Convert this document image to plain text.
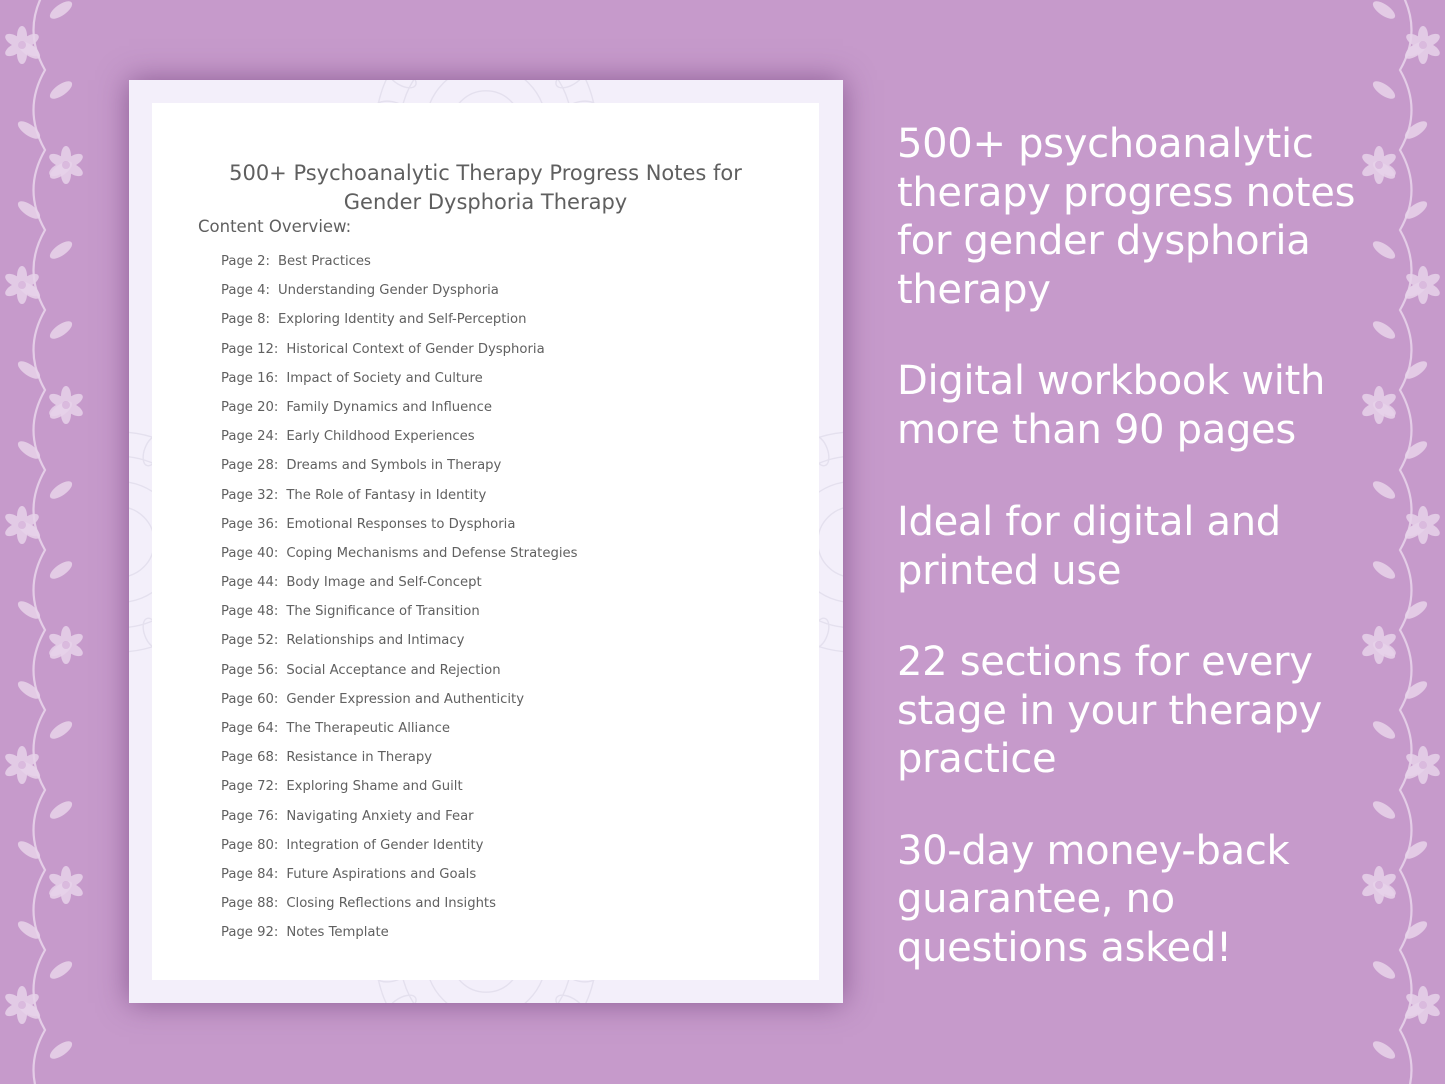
500+ Psychoanalytic Therapy Progress Notes for
Gender Dysphoria Therapy
Content Overview:
Page 2: Best Practices
Page 4: Understanding Gender Dysphoria
Page 8: Exploring Identity and Self-Perception
Page 12: Historical Context of Gender Dysphoria
Page 16: Impact of Society and Culture
Page 20: Family Dynamics and Influence
Page 24: Early Childhood Experiences
Page 28: Dreams and Symbols in Therapy
Page 32: The Role of Fantasy in Identity
Page 36: Emotional Responses to Dysphoria
Page 40: Coping Mechanisms and Defense Strategies
Page 44: Body Image and Self-Concept
Page 48: The Significance of Transition
Page 52: Relationships and Intimacy
Page 56: Social Acceptance and Rejection
Page 60: Gender Expression and Authenticity
Page 64: The Therapeutic Alliance
Page 68: Resistance in Therapy
Page 72: Exploring Shame and Guilt
Page 76: Navigating Anxiety and Fear
Page 80: Integration of Gender Identity
Page 84: Future Aspirations and Goals
Page 88: Closing Reflections and Insights
Page 92: Notes Template
500+ psychoanalytic
therapy progress notes
for gender dysphoria
therapy
Digital workbook with
more than 90 pages
Ideal for digital and
printed use
22 sections for every
stage in your therapy
practice
30-day money-back
guarantee, no
questions asked!
